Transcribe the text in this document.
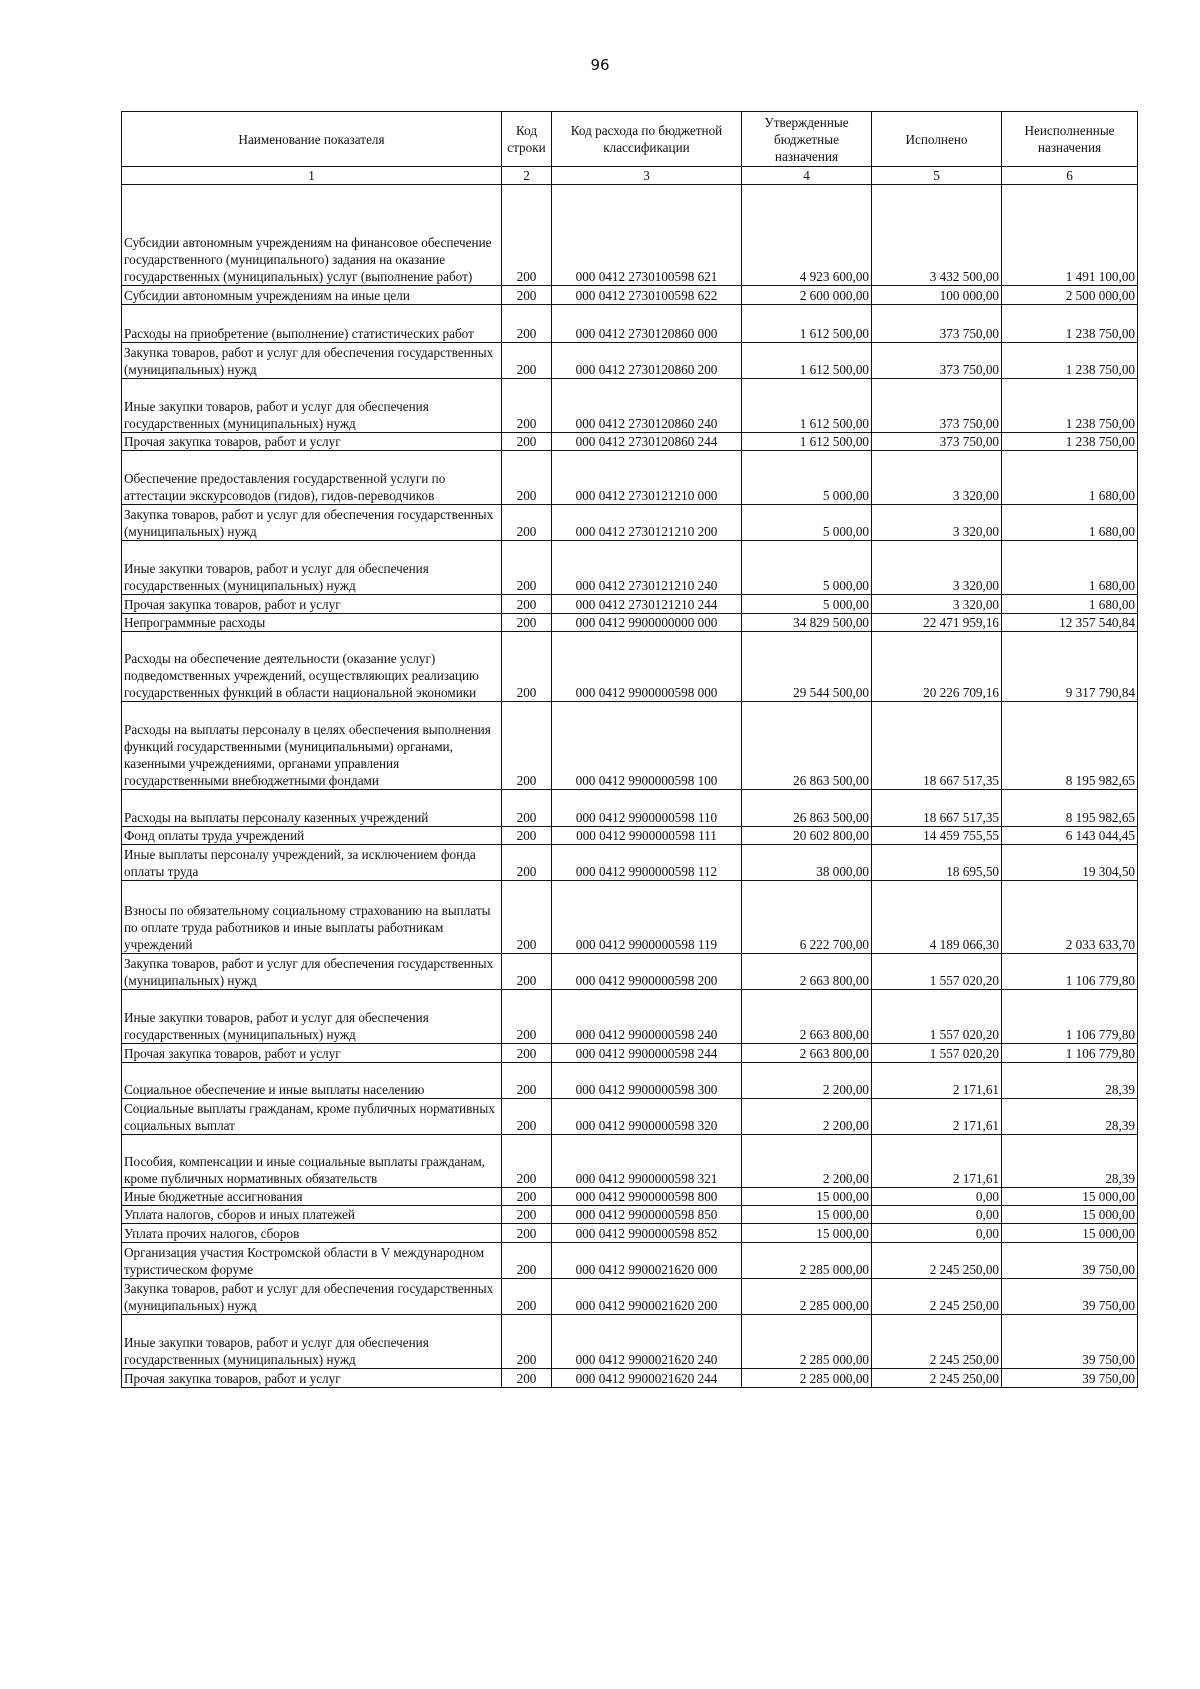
96
Наименование показателя	Код строки	Код расхода по бюджетной классификации	Утвержденные бюджетные назначения	Исполнено	Неисполненные назначения
1	2	3	4	5	6
Субсидии автономным учреждениям на финансовое обеспечение государственного (муниципального) задания на оказание государственных (муниципальных) услуг (выполнение работ)	200	000 0412 2730100598 621	4 923 600,00	3 432 500,00	1 491 100,00
Субсидии автономным учреждениям на иные цели	200	000 0412 2730100598 622	2 600 000,00	100 000,00	2 500 000,00
Расходы на приобретение (выполнение) статистических работ	200	000 0412 2730120860 000	1 612 500,00	373 750,00	1 238 750,00
Закупка товаров, работ и услуг для обеспечения государственных (муниципальных) нужд	200	000 0412 2730120860 200	1 612 500,00	373 750,00	1 238 750,00
Иные закупки товаров, работ и услуг для обеспечения государственных (муниципальных) нужд	200	000 0412 2730120860 240	1 612 500,00	373 750,00	1 238 750,00
Прочая закупка товаров, работ и услуг	200	000 0412 2730120860 244	1 612 500,00	373 750,00	1 238 750,00
Обеспечение предоставления государственной услуги по аттестации экскурсоводов (гидов), гидов-переводчиков	200	000 0412 2730121210 000	5 000,00	3 320,00	1 680,00
Закупка товаров, работ и услуг для обеспечения государственных (муниципальных) нужд	200	000 0412 2730121210 200	5 000,00	3 320,00	1 680,00
Иные закупки товаров, работ и услуг для обеспечения государственных (муниципальных) нужд	200	000 0412 2730121210 240	5 000,00	3 320,00	1 680,00
Прочая закупка товаров, работ и услуг	200	000 0412 2730121210 244	5 000,00	3 320,00	1 680,00
Непрограммные расходы	200	000 0412 9900000000 000	34 829 500,00	22 471 959,16	12 357 540,84
Расходы на обеспечение деятельности (оказание услуг) подведомственных учреждений, осуществляющих реализацию государственных функций в области национальной экономики	200	000 0412 9900000598 000	29 544 500,00	20 226 709,16	9 317 790,84
Расходы на выплаты персоналу в целях обеспечения выполнения функций государственными (муниципальными) органами, казенными учреждениями, органами управления государственными внебюджетными фондами	200	000 0412 9900000598 100	26 863 500,00	18 667 517,35	8 195 982,65
Расходы на выплаты персоналу казенных учреждений	200	000 0412 9900000598 110	26 863 500,00	18 667 517,35	8 195 982,65
Фонд оплаты труда учреждений	200	000 0412 9900000598 111	20 602 800,00	14 459 755,55	6 143 044,45
Иные выплаты персоналу учреждений, за исключением фонда оплаты труда	200	000 0412 9900000598 112	38 000,00	18 695,50	19 304,50
Взносы по обязательному социальному страхованию на выплаты по оплате труда работников и иные выплаты работникам учреждений	200	000 0412 9900000598 119	6 222 700,00	4 189 066,30	2 033 633,70
Закупка товаров, работ и услуг для обеспечения государственных (муниципальных) нужд	200	000 0412 9900000598 200	2 663 800,00	1 557 020,20	1 106 779,80
Иные закупки товаров, работ и услуг для обеспечения государственных (муниципальных) нужд	200	000 0412 9900000598 240	2 663 800,00	1 557 020,20	1 106 779,80
Прочая закупка товаров, работ и услуг	200	000 0412 9900000598 244	2 663 800,00	1 557 020,20	1 106 779,80
Социальное обеспечение и иные выплаты населению	200	000 0412 9900000598 300	2 200,00	2 171,61	28,39
Социальные выплаты гражданам, кроме публичных нормативных социальных выплат	200	000 0412 9900000598 320	2 200,00	2 171,61	28,39
Пособия, компенсации и иные социальные выплаты гражданам, кроме публичных нормативных обязательств	200	000 0412 9900000598 321	2 200,00	2 171,61	28,39
Иные бюджетные ассигнования	200	000 0412 9900000598 800	15 000,00	0,00	15 000,00
Уплата налогов, сборов и иных платежей	200	000 0412 9900000598 850	15 000,00	0,00	15 000,00
Уплата прочих налогов, сборов	200	000 0412 9900000598 852	15 000,00	0,00	15 000,00
Организация участия Костромской области в V международном туристическом форуме	200	000 0412 9900021620 000	2 285 000,00	2 245 250,00	39 750,00
Закупка товаров, работ и услуг для обеспечения государственных (муниципальных) нужд	200	000 0412 9900021620 200	2 285 000,00	2 245 250,00	39 750,00
Иные закупки товаров, работ и услуг для обеспечения государственных (муниципальных) нужд	200	000 0412 9900021620 240	2 285 000,00	2 245 250,00	39 750,00
Прочая закупка товаров, работ и услуг	200	000 0412 9900021620 244	2 285 000,00	2 245 250,00	39 750,00
